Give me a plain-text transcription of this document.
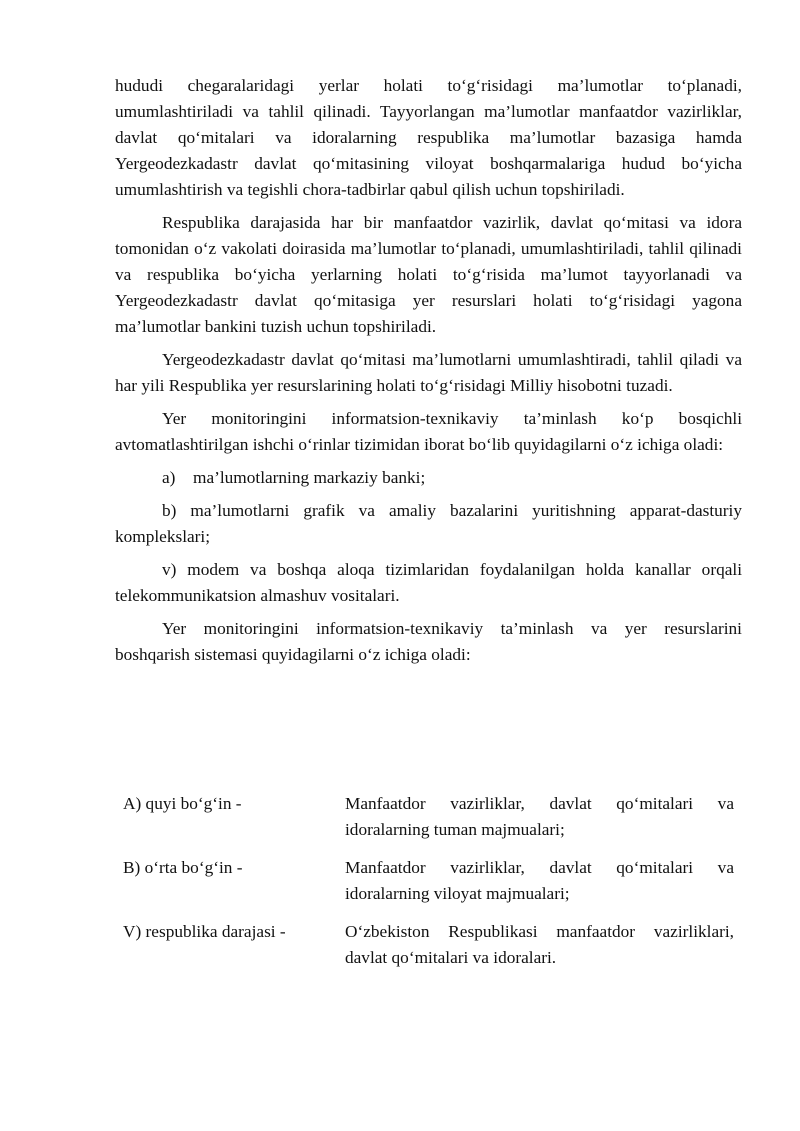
hududi chegaralaridagi yerlar holati to‘g‘risidagi ma’lumotlar to‘planadi, umumlashtiriladi va tahlil qilinadi. Tayyorlangan ma’lumotlar manfaatdor vazirliklar, davlat qo‘mitalari va idoralarning respublika ma’lumotlar bazasiga hamda Yergeodezkadastr davlat qo‘mitasining viloyat boshqarmalariga hudud bo‘yicha umumlashtirish va tegishli chora-tadbirlar qabul qilish uchun topshiriladi.

Respublika darajasida har bir manfaatdor vazirlik, davlat qo‘mitasi va idora tomonidan o‘z vakolati doirasida ma’lumotlar to‘planadi, umumlashtiriladi, tahlil qilinadi va respublika bo‘yicha yerlarning holati to‘g‘risida ma’lumot tayyorlanadi va Yergeodezkadastr davlat qo‘mitasiga yer resurslari holati to‘g‘risidagi yagona ma’lumotlar bankini tuzish uchun topshiriladi.

Yergeodezkadastr davlat qo‘mitasi ma’lumotlarni umumlashtiradi, tahlil qiladi va har yili Respublika yer resurslarining holati to‘g‘risidagi Milliy hisobotni tuzadi.

Yer monitoringini informatsion-texnikaviy ta’minlash ko‘p bosqichli avtomatlashtirilgan ishchi o‘rinlar tizimidan iborat bo‘lib quyidagilarni o‘z ichiga oladi:

a) ma’lumotlarning markaziy banki;

b) ma’lumotlarni grafik va amaliy bazalarini yuritishning apparat-dasturiy komplekslari;

v) modem va boshqa aloqa tizimlaridan foydalanilgan holda kanallar orqali telekommunikatsion almashuv vositalari.

Yer monitoringini informatsion-texnikaviy ta’minlash va yer resurslarini boshqarish sistemasi quyidagilarni o‘z ichiga oladi:

A) quyi bo‘g‘in -	Manfaatdor vazirliklar, davlat qo‘mitalari va idoralarning tuman majmualari;
B) o‘rta bo‘g‘in -	Manfaatdor vazirliklar, davlat qo‘mitalari va idoralarning viloyat majmualari;
V) respublika darajasi -	O‘zbekiston Respublikasi manfaatdor vazirliklari, davlat qo‘mitalari va idoralari.
